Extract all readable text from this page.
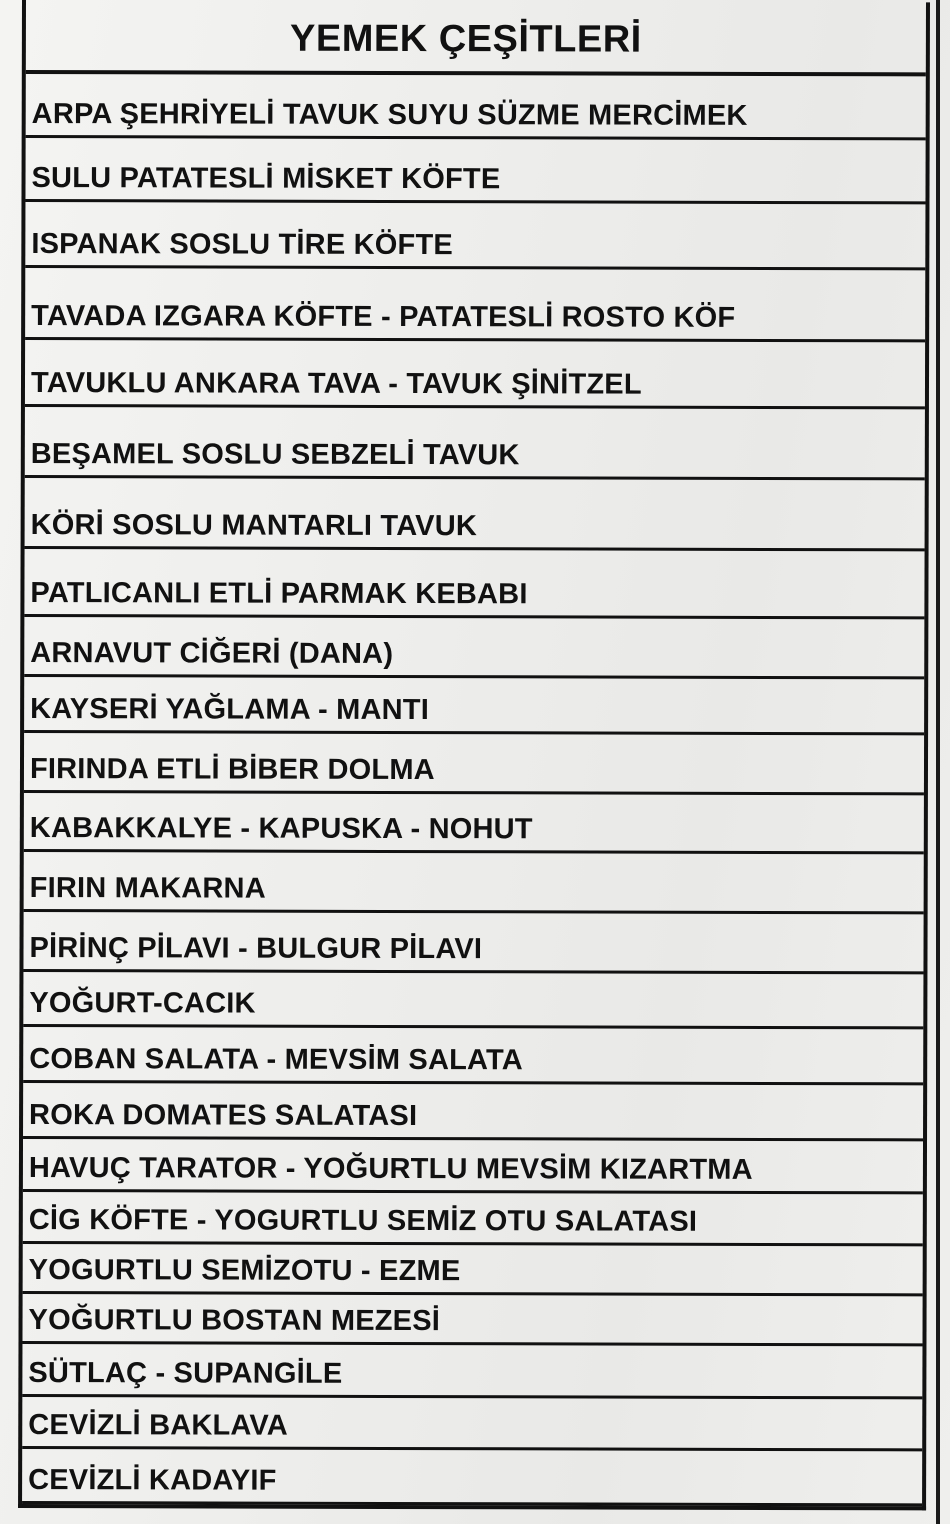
YEMEK ÇEŞİTLERİ
ARPA ŞEHRİYELİ TAVUK SUYU SÜZME MERCİMEK
SULU PATATESLİ MİSKET KÖFTE
ISPANAK SOSLU TİRE KÖFTE
TAVADA IZGARA KÖFTE - PATATESLİ ROSTO KÖF
TAVUKLU ANKARA TAVA - TAVUK ŞİNİTZEL
BEŞAMEL SOSLU SEBZELİ TAVUK
KÖRİ SOSLU MANTARLI TAVUK
PATLICANLI ETLİ PARMAK KEBABI
ARNAVUT CİĞERİ (DANA)
KAYSERİ YAĞLAMA - MANTI
FIRINDA ETLİ BİBER DOLMA
KABAKKALYE - KAPUSKA - NOHUT
FIRIN MAKARNA
PİRİNÇ PİLAVI - BULGUR PİLAVI
YOĞURT-CACIK
COBAN SALATA - MEVSİM SALATA
ROKA DOMATES SALATASI
HAVUÇ TARATOR - YOĞURTLU MEVSİM KIZARTMA
CİG KÖFTE - YOGURTLU SEMİZ OTU SALATASI
YOGURTLU SEMİZOTU - EZME
YOĞURTLU BOSTAN MEZESİ
SÜTLAÇ - SUPANGİLE
CEVİZLİ BAKLAVA
CEVİZLİ KADAYIF
